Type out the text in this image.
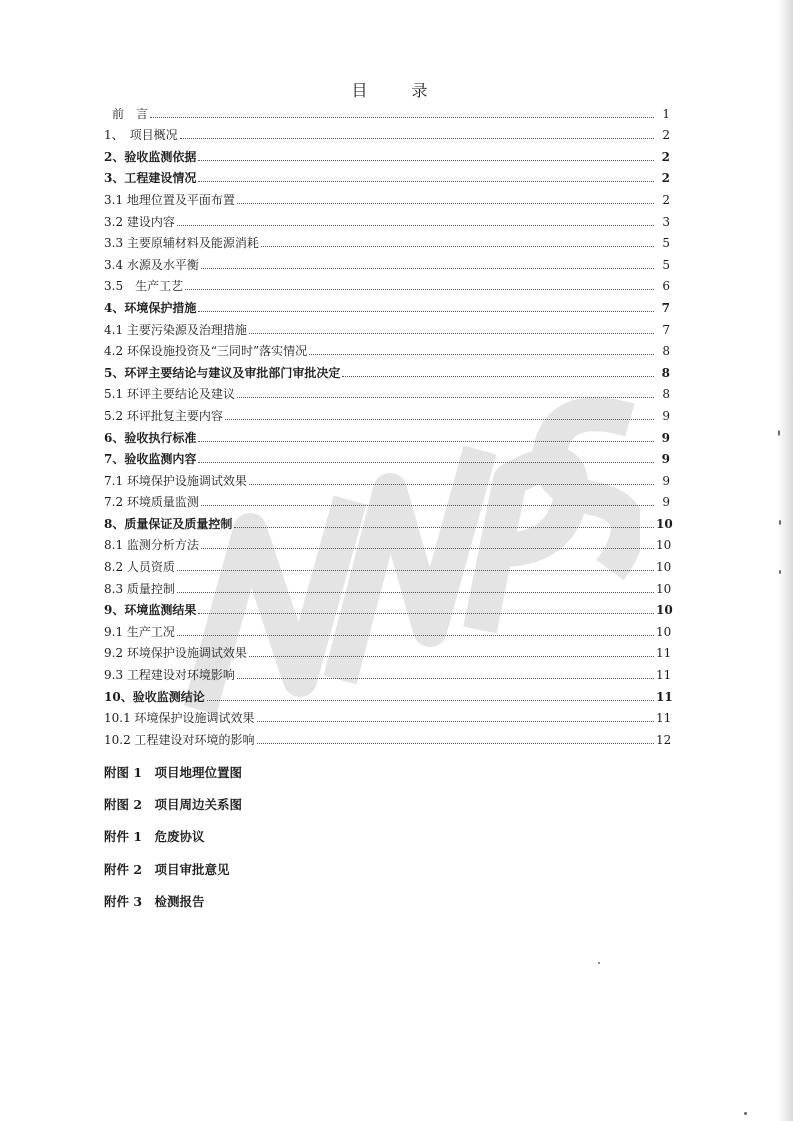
目　录
前　言	1
1、　项目概况	2
2、验收监测依据	2
3、工程建设情况	2
3.1 地理位置及平面布置	2
3.2 建设内容	3
3.3 主要原辅材料及能源消耗	5
3.4 水源及水平衡	5
3.5　生产工艺	6
4、环境保护措施	7
4.1 主要污染源及治理措施	7
4.2 环保设施投资及“三同时”落实情况	8
5、环评主要结论与建议及审批部门审批决定	8
5.1 环评主要结论及建议	8
5.2 环评批复主要内容	9
6、验收执行标准	9
7、验收监测内容	9
7.1 环境保护设施调试效果	9
7.2 环境质量监测	9
8、质量保证及质量控制	10
8.1 监测分析方法	10
8.2 人员资质	10
8.3 质量控制	10
9、环境监测结果	10
9.1 生产工况	10
9.2 环境保护设施调试效果	11
9.3 工程建设对环境影响	11
10、验收监测结论	11
10.1 环境保护设施调试效果	11
10.2 工程建设对环境的影响	12
附图 1　项目地理位置图
附图 2　项目周边关系图
附件 1　危废协议
附件 2　项目审批意见
附件 3　检测报告
